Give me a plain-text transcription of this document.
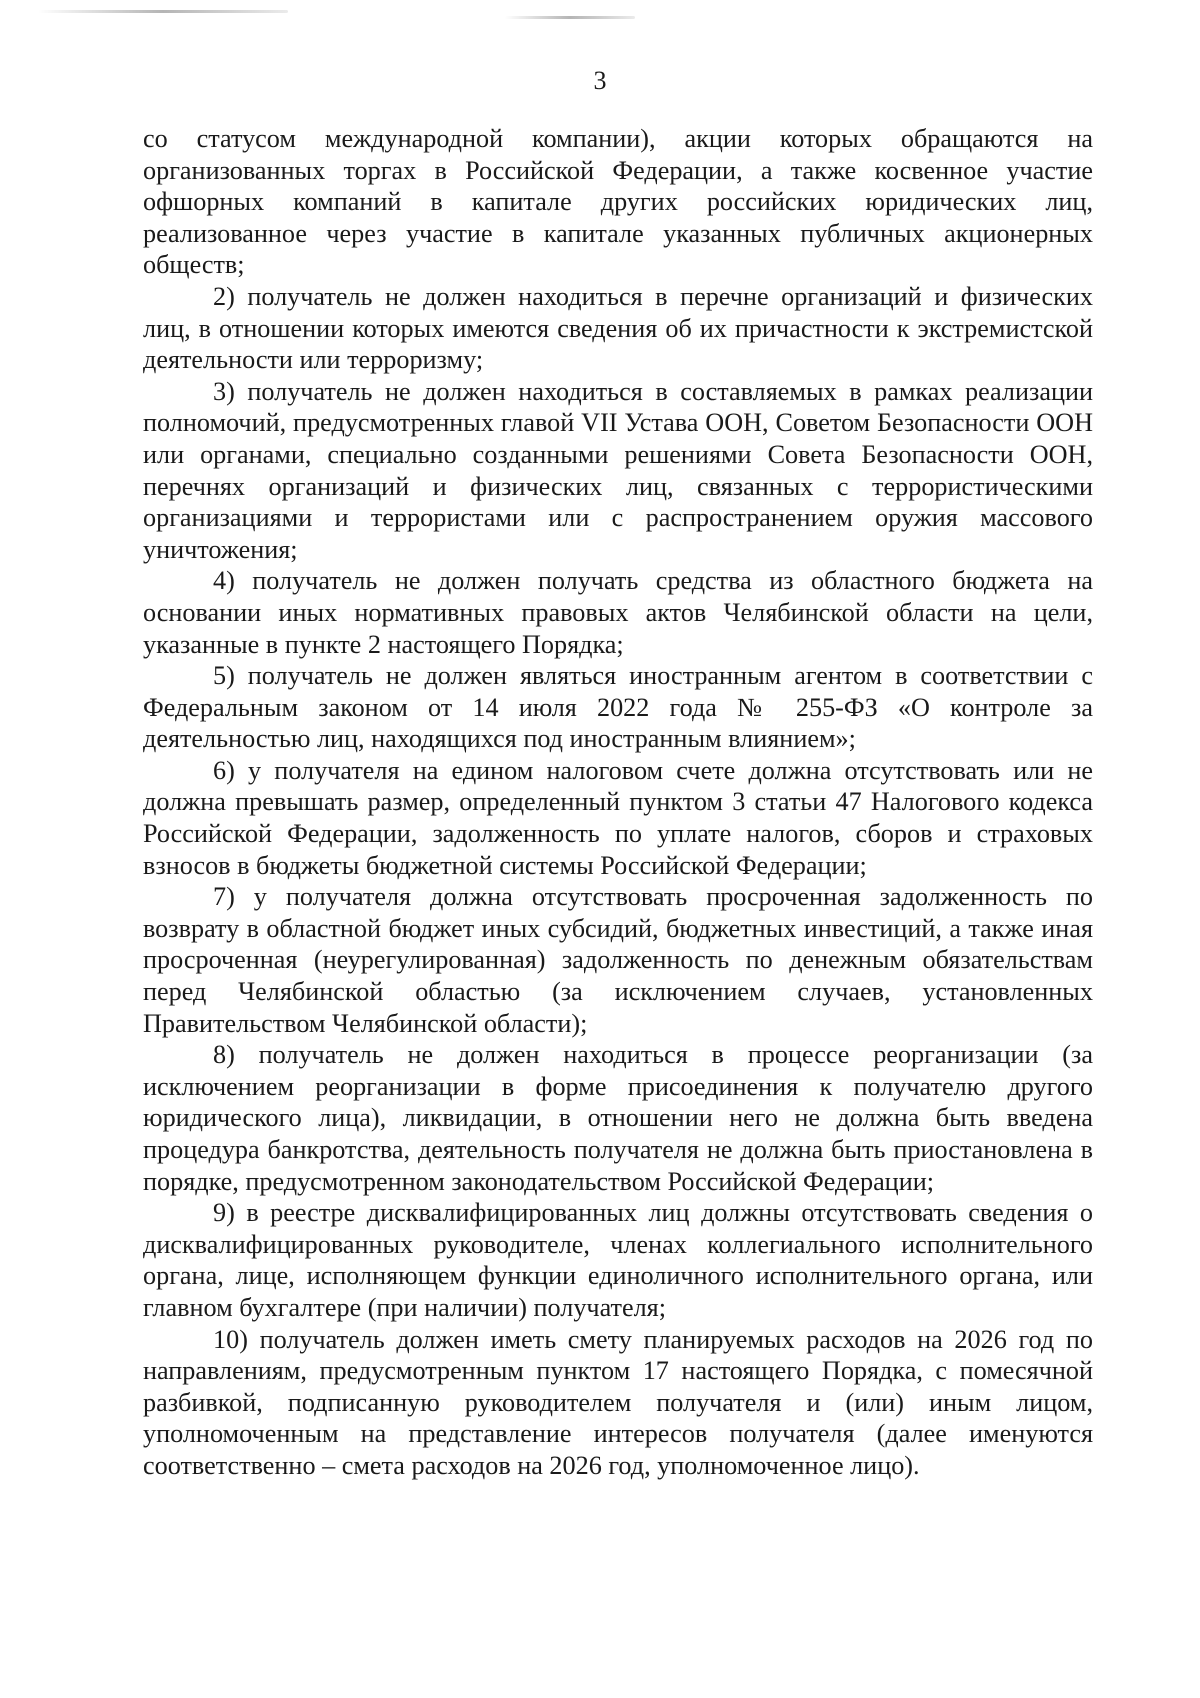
3

со статусом международной компании), акции которых обращаются на организованных торгах в Российской Федерации, а также косвенное участие офшорных компаний в капитале других российских юридических лиц, реализованное через участие в капитале указанных публичных акционерных обществ;

2) получатель не должен находиться в перечне организаций и физических лиц, в отношении которых имеются сведения об их причастности к экстремистской деятельности или терроризму;

3) получатель не должен находиться в составляемых в рамках реализации полномочий, предусмотренных главой VII Устава ООН, Советом Безопасности ООН или органами, специально созданными решениями Совета Безопасности ООН, перечнях организаций и физических лиц, связанных с террористическими организациями и террористами или с распространением оружия массового уничтожения;

4) получатель не должен получать средства из областного бюджета на основании иных нормативных правовых актов Челябинской области на цели, указанные в пункте 2 настоящего Порядка;

5) получатель не должен являться иностранным агентом в соответствии с Федеральным законом от 14 июля 2022 года № 255-ФЗ «О контроле за деятельностью лиц, находящихся под иностранным влиянием»;

6) у получателя на едином налоговом счете должна отсутствовать или не должна превышать размер, определенный пунктом 3 статьи 47 Налогового кодекса Российской Федерации, задолженность по уплате налогов, сборов и страховых взносов в бюджеты бюджетной системы Российской Федерации;

7) у получателя должна отсутствовать просроченная задолженность по возврату в областной бюджет иных субсидий, бюджетных инвестиций, а также иная просроченная (неурегулированная) задолженность по денежным обязательствам перед Челябинской областью (за исключением случаев, установленных Правительством Челябинской области);

8) получатель не должен находиться в процессе реорганизации (за исключением реорганизации в форме присоединения к получателю другого юридического лица), ликвидации, в отношении него не должна быть введена процедура банкротства, деятельность получателя не должна быть приостановлена в порядке, предусмотренном законодательством Российской Федерации;

9) в реестре дисквалифицированных лиц должны отсутствовать сведения о дисквалифицированных руководителе, членах коллегиального исполнительного органа, лице, исполняющем функции единоличного исполнительного органа, или главном бухгалтере (при наличии) получателя;

10) получатель должен иметь смету планируемых расходов на 2026 год по направлениям, предусмотренным пунктом 17 настоящего Порядка, с помесячной разбивкой, подписанную руководителем получателя и (или) иным лицом, уполномоченным на представление интересов получателя (далее именуются соответственно – смета расходов на 2026 год, уполномоченное лицо).
